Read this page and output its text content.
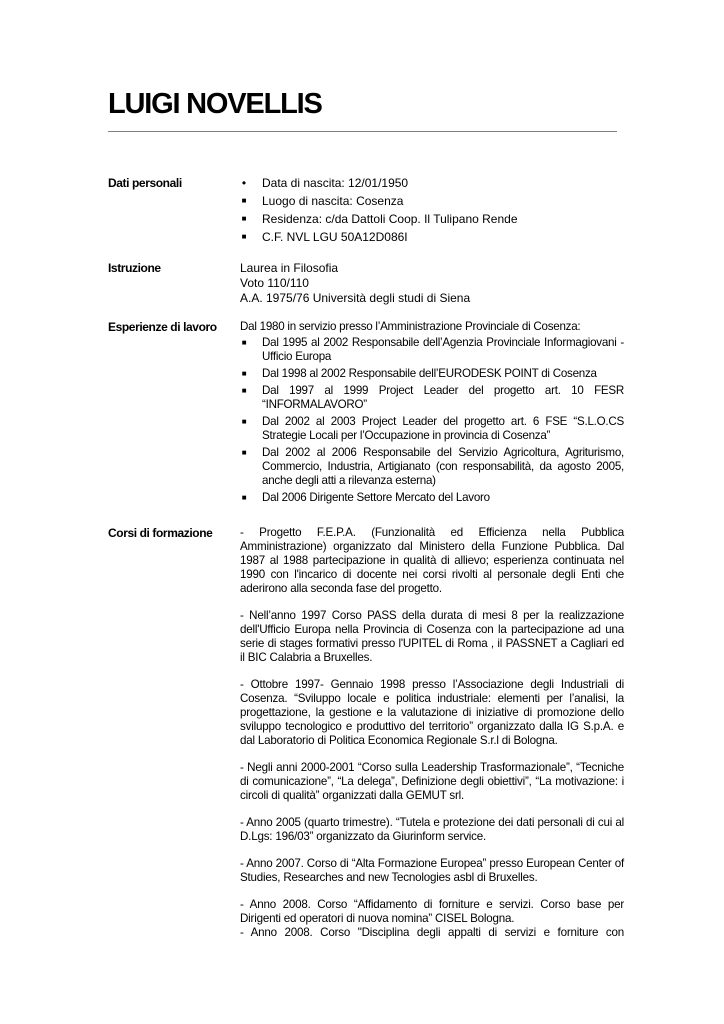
LUIGI NOVELLIS
Dati personali	• Data di nascita: 12/01/1950
■ Luogo di nascita: Cosenza
■ Residenza: c/da Dattoli Coop. Il Tulipano Rende
■ C.F. NVL LGU 50A12D086I
Istruzione	Laurea in Filosofia
Voto 110/110
A.A. 1975/76 Università degli studi di Siena
Esperienze di lavoro	Dal 1980 in servizio presso l’Amministrazione Provinciale di Cosenza:
■ Dal 1995 al 2002 Responsabile dell’Agenzia Provinciale Informagiovani - Ufficio Europa
■ Dal 1998 al 2002 Responsabile dell’EURODESK POINT di Cosenza
■ Dal 1997 al 1999 Project Leader del progetto art. 10 FESR “INFORMALAVORO”
■ Dal 2002 al 2003 Project Leader del progetto art. 6 FSE “S.L.O.CS Strategie Locali per l’Occupazione in provincia di Cosenza”
■ Dal 2002 al 2006 Responsabile del Servizio Agricoltura, Agriturismo, Commercio, Industria, Artigianato (con responsabilità, da agosto 2005, anche degli atti a rilevanza esterna)
■ Dal 2006 Dirigente Settore Mercato del Lavoro
Corsi di formazione	- Progetto F.E.P.A. (Funzionalità ed Efficienza nella Pubblica Amministrazione) organizzato dal Ministero della Funzione Pubblica. Dal 1987 al 1988 partecipazione in qualità di allievo; esperienza continuata nel 1990 con l'incarico di docente nei corsi rivolti al personale degli Enti che aderirono alla seconda fase del progetto.

- Nell’anno 1997 Corso PASS della durata di mesi 8 per la realizzazione dell'Ufficio Europa nella Provincia di Cosenza con la partecipazione ad una serie di stages formativi presso l'UPITEL di Roma , il PASSNET a Cagliari ed il BIC Calabria a Bruxelles.

- Ottobre 1997- Gennaio 1998 presso l’Associazione degli Industriali di Cosenza. “Sviluppo locale e politica industriale: elementi per l’analisi, la progettazione, la gestione e la valutazione di iniziative di promozione dello sviluppo tecnologico e produttivo del territorio” organizzato dalla IG S.p.A. e dal Laboratorio di Politica Economica Regionale S.r.l di Bologna.

- Negli anni 2000-2001 “Corso sulla Leadership Trasformazionale”, “Tecniche di comunicazione”, “La delega”, Definizione degli obiettivi”, “La motivazione: i circoli di qualità” organizzati dalla GEMUT srl.

- Anno 2005 (quarto trimestre). “Tutela e protezione dei dati personali di cui al D.Lgs: 196/03” organizzato da Giurinform service.

- Anno 2007. Corso di “Alta Formazione Europea” presso European Center of Studies, Researches and new Tecnologies asbl di Bruxelles.

- Anno 2008. Corso “Affidamento di forniture e servizi. Corso base per Dirigenti ed operatori di nuova nomina” CISEL Bologna.

- Anno 2008. Corso "Disciplina degli appalti di servizi e forniture con
